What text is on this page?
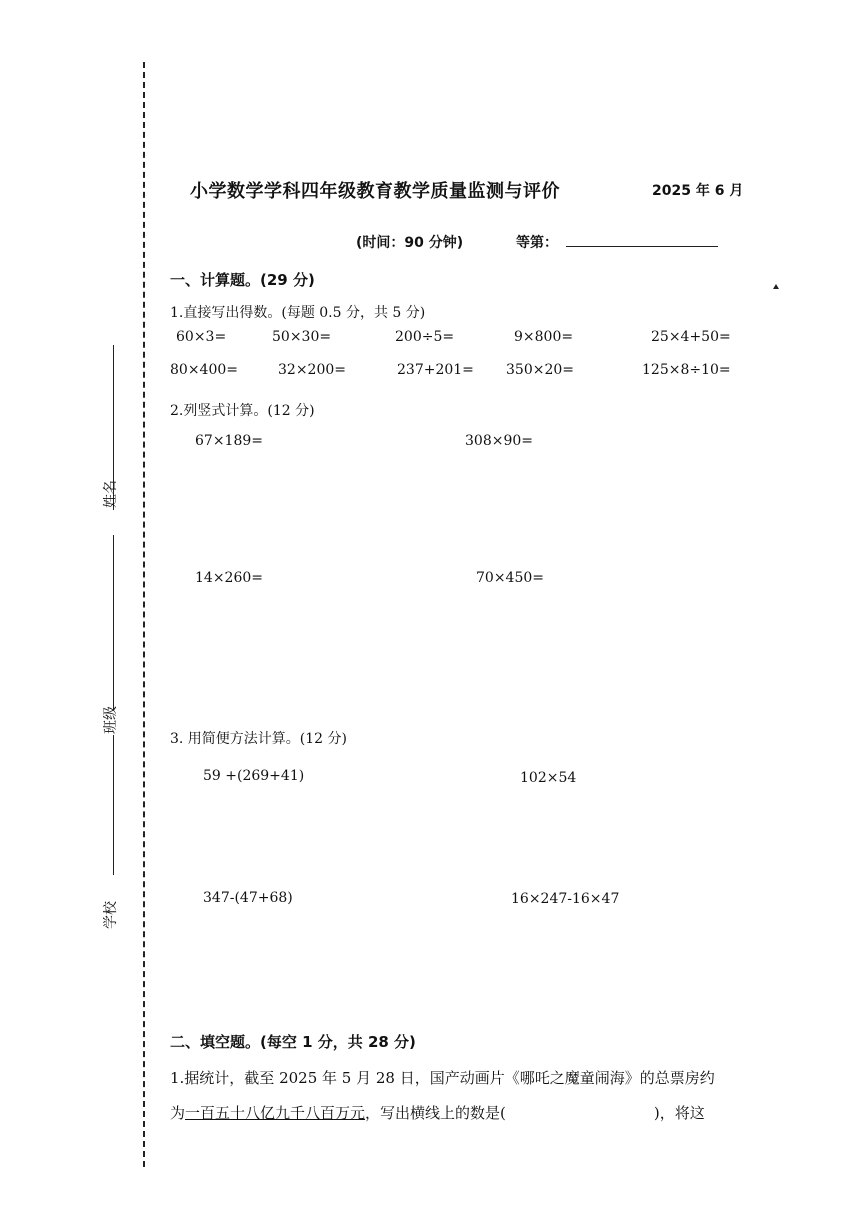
姓名
班级
学校
小学数学学科四年级教育教学质量监测与评价	2025 年 6 月
(时间：90 分钟)	等第：
一、计算题。(29 分)
1.直接写出得数。(每题 0.5 分，共 5 分)
60×3=	50×30=	200÷5=	9×800=	25×4+50=
80×400=	32×200=	237+201= 350×20=	125×8÷10=
2.列竖式计算。(12 分)
67×189=	308×90=
14×260=	70×450=
3. 用简便方法计算。(12 分)
59 +(269+41)	102×54
347-(47+68)	16×247-16×47
二、填空题。(每空 1 分，共 28 分)
1.据统计，截至 2025 年 5 月 28 日，国产动画片《哪吒之魔童闹海》的总票房约
为一百五十八亿九千八百万元，写出横线上的数是(	)，将这
